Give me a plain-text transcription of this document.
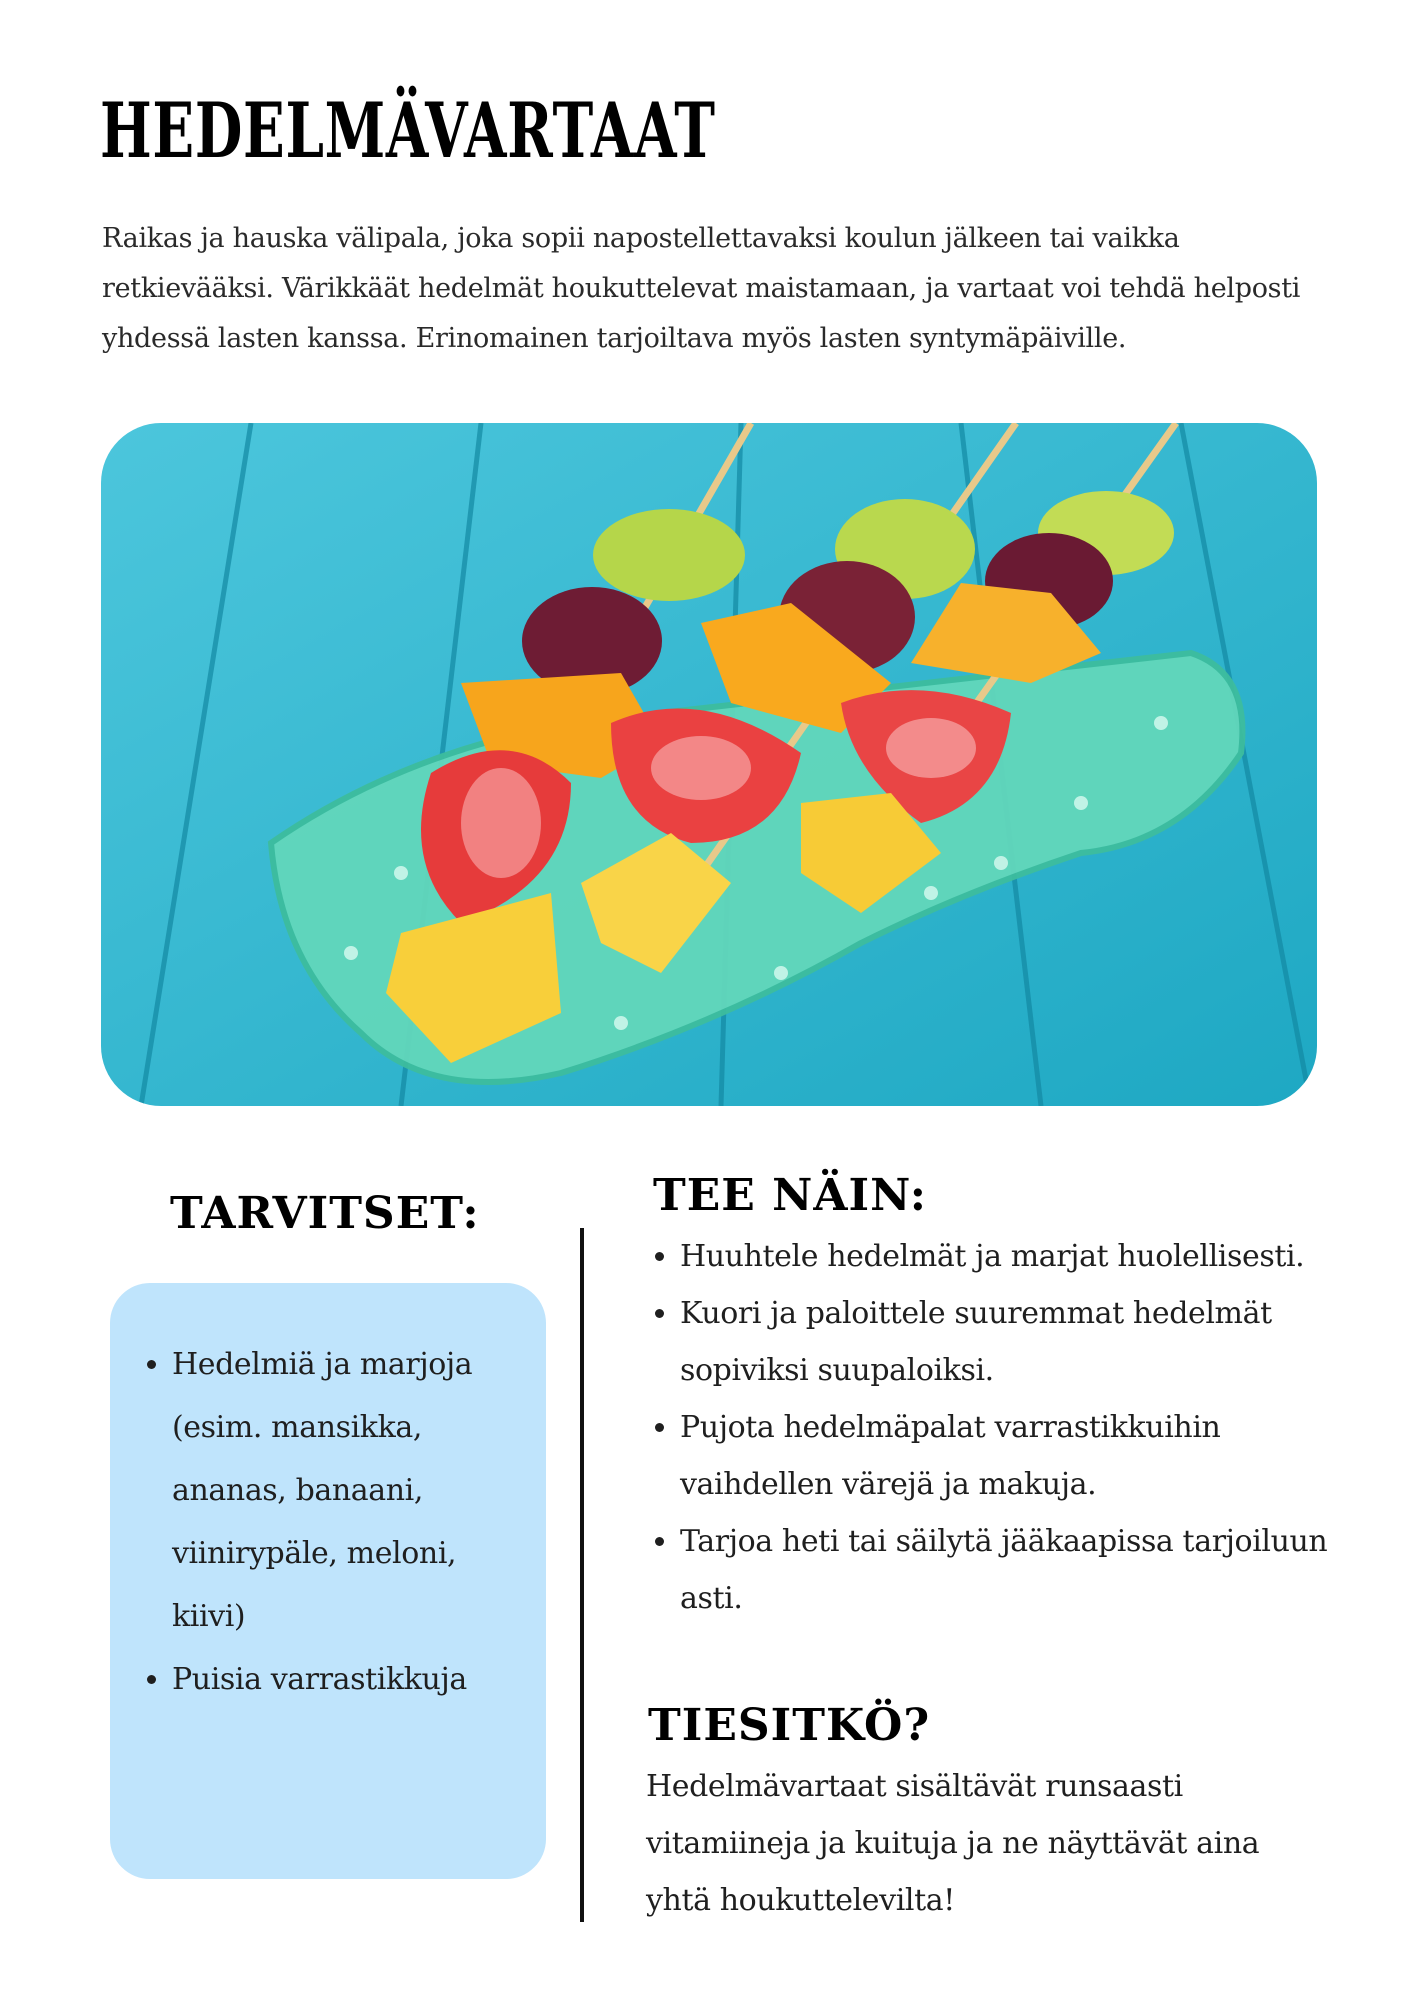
HEDELMÄVARTAAT

Raikas ja hauska välipala, joka sopii napostellettavaksi koulun jälkeen tai vaikka retkievääksi. Värikkäät hedelmät houkuttelevat maistamaan, ja vartaat voi tehdä helposti yhdessä lasten kanssa. Erinomainen tarjoiltava myös lasten syntymäpäiville.

TARVITSET:
• Hedelmiä ja marjoja (esim. mansikka, ananas, banaani, viinirypäle, meloni, kiivi)
• Puisia varrastikkuja
TEE NÄIN:
• Huuhtele hedelmät ja marjat huolellisesti.
• Kuori ja paloittele suuremmat hedelmät sopiviksi suupaloiksi.
• Pujota hedelmäpalat varrastikkuihin vaihdellen värejä ja makuja.
• Tarjoa heti tai säilytä jääkaapissa tarjoiluun asti.
TIESITKÖ?

Hedelmävartaat sisältävät runsaasti vitamiineja ja kuituja ja ne näyttävät aina yhtä houkuttelevilta!
